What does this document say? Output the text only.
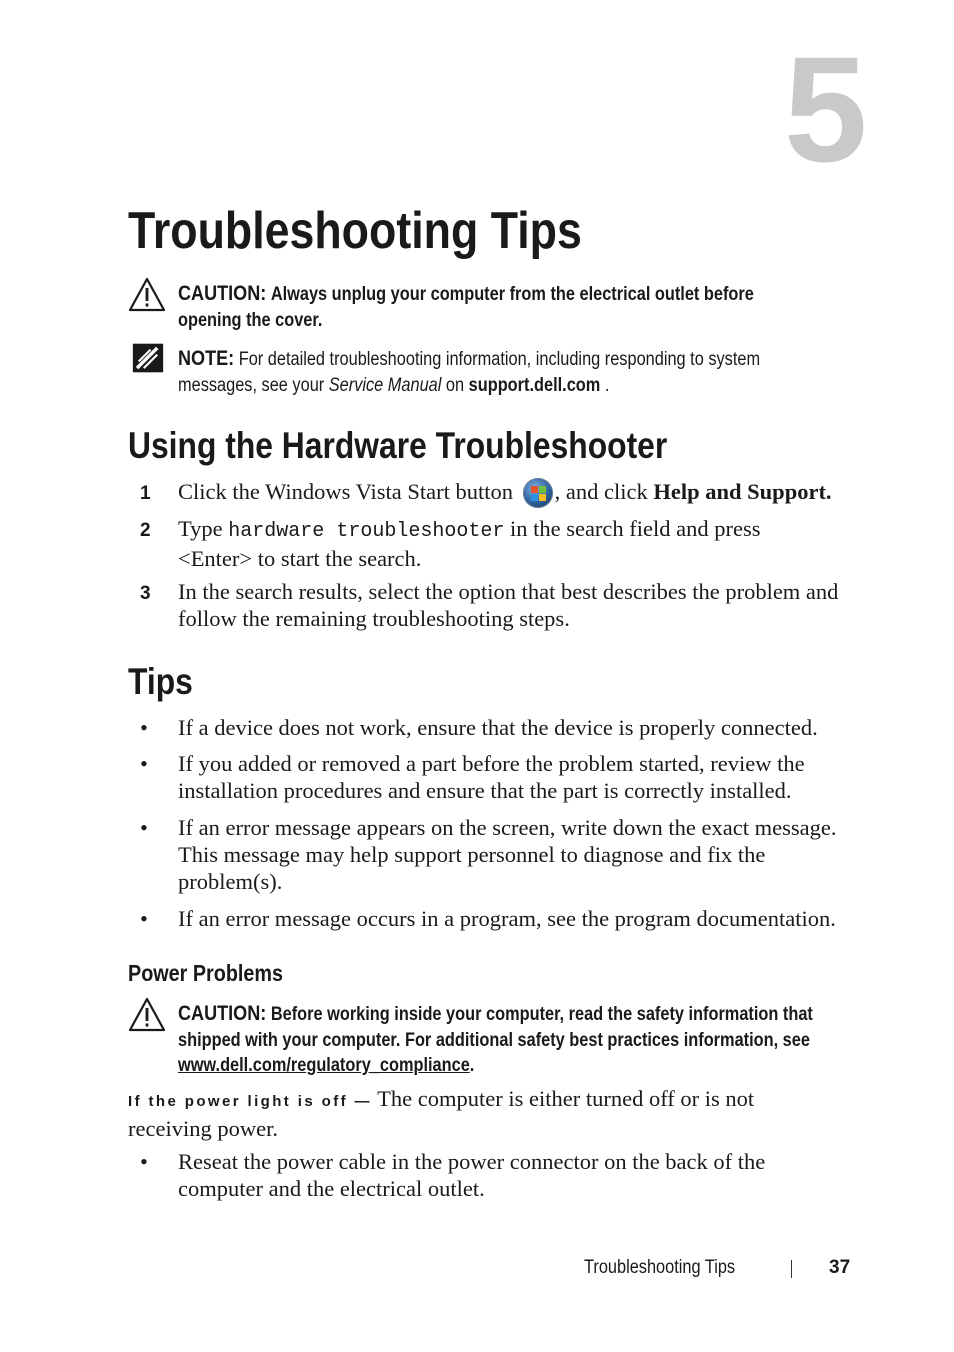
5
Troubleshooting Tips
CAUTION: Always unplug your computer from the electrical outlet before
opening the cover.
NOTE: For detailed troubleshooting information, including responding to system
messages, see your Service Manual on support.dell.com .
Using the Hardware Troubleshooter
1 Click the Windows Vista Start button
, and click Help and Support.
2 Type hardware troubleshooter in the search field and press
<Enter> to start the search.
3 In the search results, select the option that best describes the problem and
follow the remaining troubleshooting steps.
Tips
• If a device does not work, ensure that the device is properly connected.
• If you added or removed a part before the problem started, review the
installation procedures and ensure that the part is correctly installed.
• If an error message appears on the screen, write down the exact message.
This message may help support personnel to diagnose and fix the
problem(s).
• If an error message occurs in a program, see the program documentation.
Power Problems
CAUTION: Before working inside your computer, read the safety information that
shipped with your computer. For additional safety best practices information, see
www.dell.com/regulatory_compliance.
If the power light is off — The computer is either turned off or is not
receiving power.
• Reseat the power cable in the power connector on the back of the
computer and the electrical outlet.
Troubleshooting Tips	37
